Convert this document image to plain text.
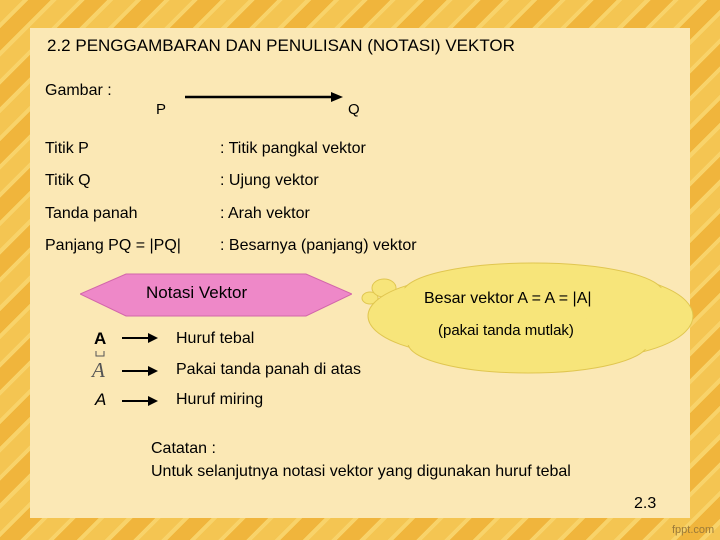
2.2 PENGGAMBARAN DAN PENULISAN (NOTASI) VEKTOR
Gambar :
P	Q
Titik P	: Titik pangkal vektor
Titik Q	: Ujung vektor
Tanda panah	: Arah vektor
Panjang PQ = |PQ| : Besarnya (panjang) vektor
Notasi Vektor	Besar vektor A = A = |A|
(pakai tanda mutlak)
A	Huruf tebal
A	Pakai tanda panah di atas
A	Huruf miring
Catatan :
Untuk selanjutnya notasi vektor yang digunakan huruf tebal
2.3
fppt.com
